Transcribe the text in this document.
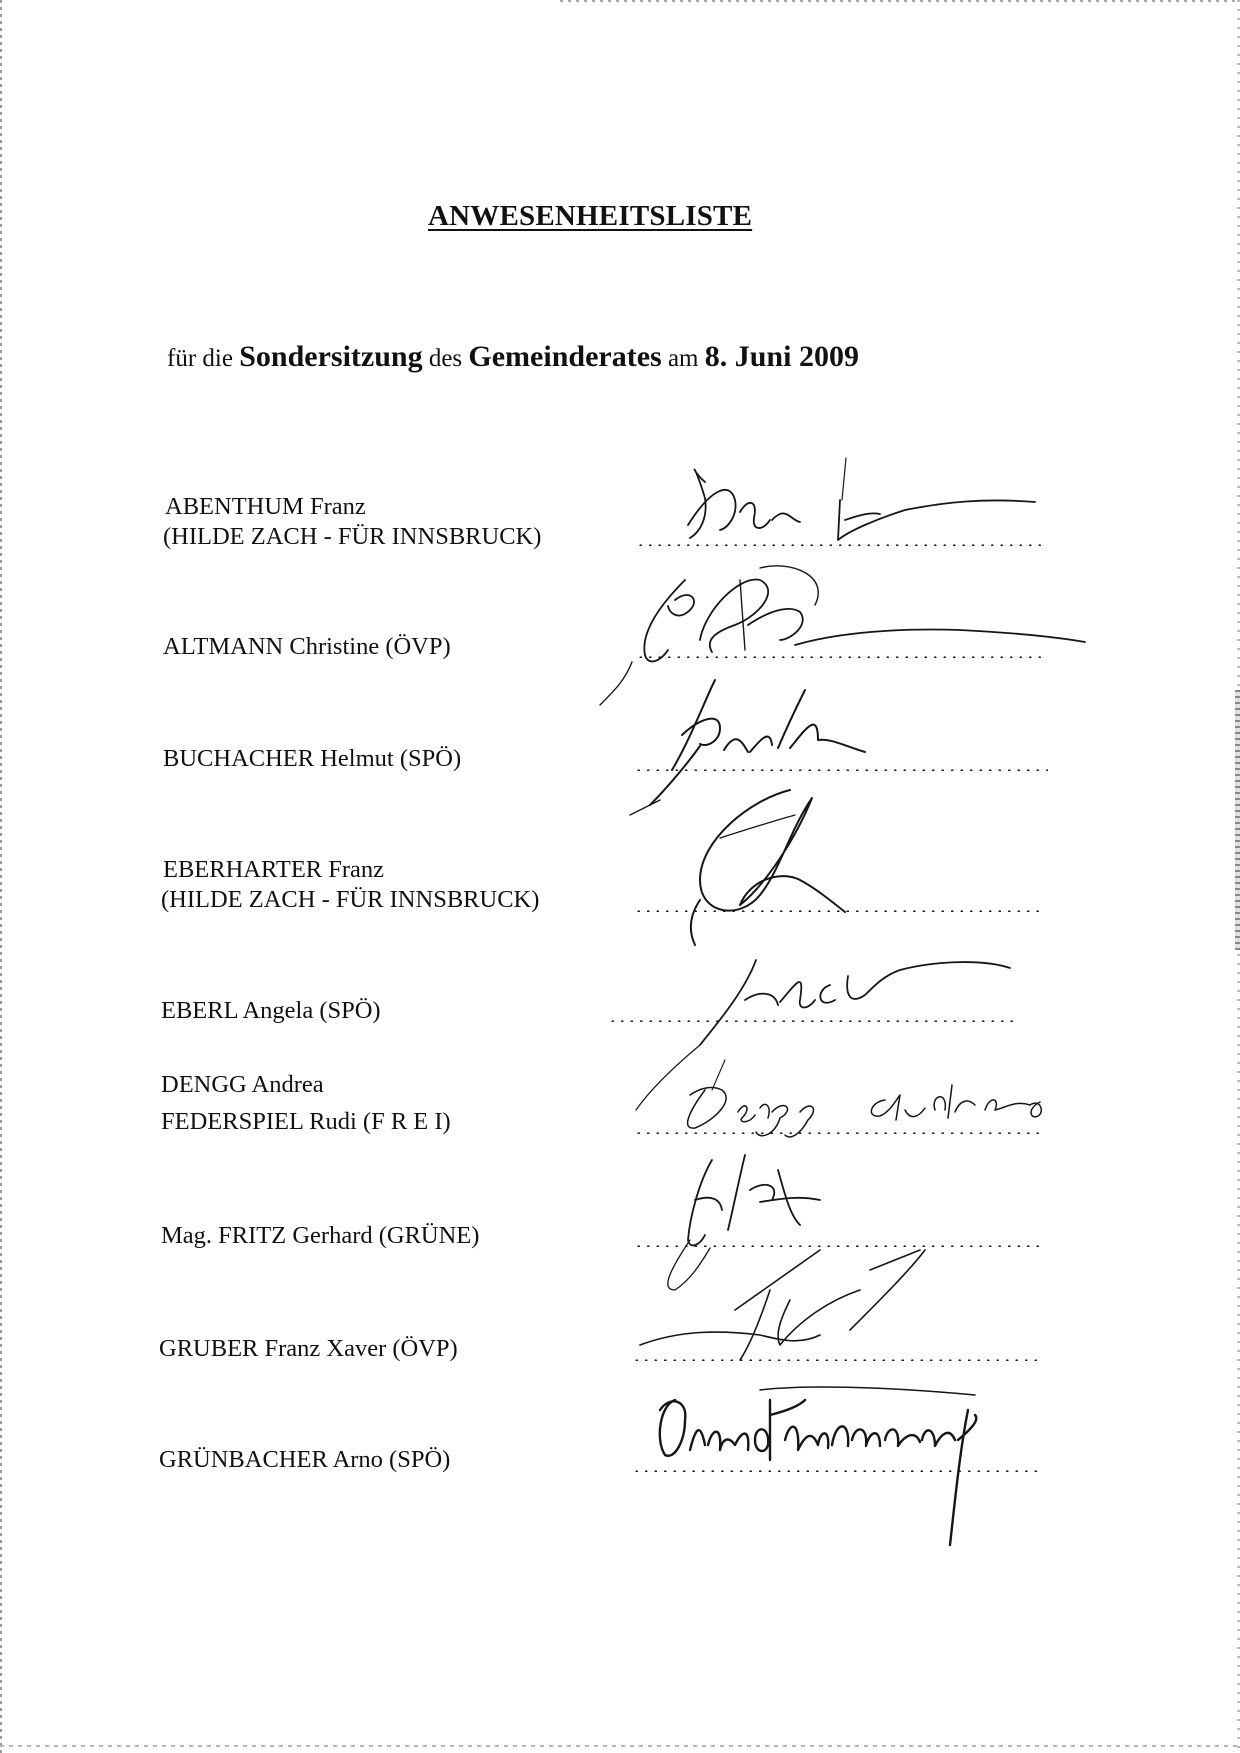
ANWESENHEITSLISTE
für die Sondersitzung des Gemeinderates am 8. Juni 2009
ABENTHUM Franz
(HILDE ZACH - FÜR INNSBRUCK)
ALTMANN Christine (ÖVP)
BUCHACHER Helmut (SPÖ)
EBERHARTER Franz
(HILDE ZACH - FÜR INNSBRUCK)
EBERL Angela (SPÖ)
DENGG Andrea
FEDERSPIEL Rudi (F R E I)
Mag. FRITZ Gerhard (GRÜNE)
GRUBER Franz Xaver (ÖVP)
GRÜNBACHER Arno (SPÖ)
